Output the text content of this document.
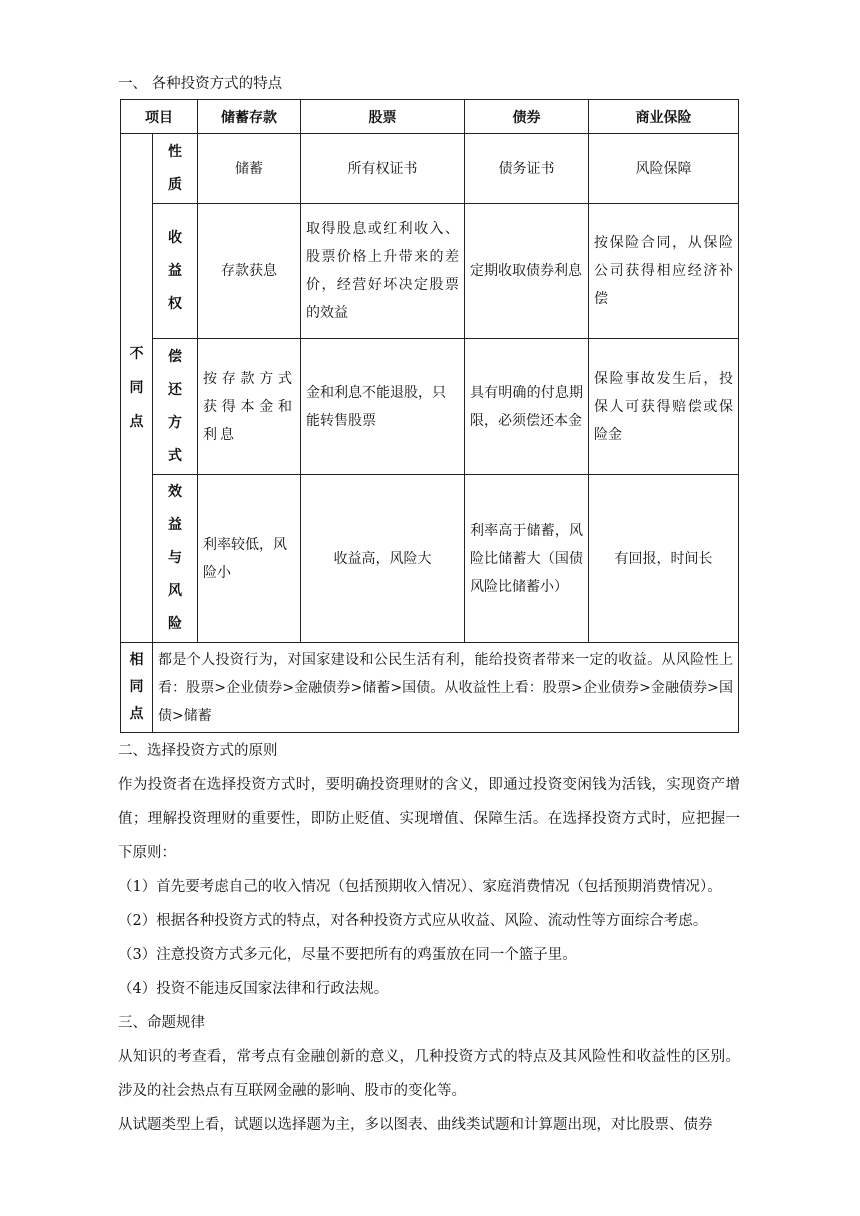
一、 各种投资方式的特点
项目		储蓄存款	股票	债券	商业保险

不
同
点	性
质	储蓄	所有权证书	债务证书	风险保障

	收
益
权	存款获息	取得股息或红利收入、股票价格上升带来的差价，经营好坏决定股票的效益	定期收取债券利息	按保险合同，从保险公司获得相应经济补偿

	偿
还
方
式	按存款方式获得本金和利息	金和利息不能退股，只能转售股票	具有明确的付息期限，必须偿还本金	保险事故发生后，投保人可获得赔偿或保险金

	效
益
与
风
险	利率较低，风险小	收益高，风险大	利率高于储蓄，风险比储蓄大（国债风险比储蓄小）	有回报，时间长

相
同
点	都是个人投资行为，对国家建设和公民生活有利，能给投资者带来一定的收益。从风险性上看：股票>企业债券>金融债券>储蓄>国债。从收益性上看：股票>企业债券>金融债券>国债>储蓄				
二、选择投资方式的原则
作为投资者在选择投资方式时，要明确投资理财的含义，即通过投资变闲钱为活钱，实现资产增值；理解投资理财的重要性，即防止贬值、实现增值、保障生活。在选择投资方式时，应把握一下原则：
（1）首先要考虑自己的收入情况（包括预期收入情况）、家庭消费情况（包括预期消费情况）。
（2）根据各种投资方式的特点，对各种投资方式应从收益、风险、流动性等方面综合考虑。
（3）注意投资方式多元化，尽量不要把所有的鸡蛋放在同一个篮子里。
（4）投资不能违反国家法律和行政法规。
三、命题规律
从知识的考查看，常考点有金融创新的意义，几种投资方式的特点及其风险性和收益性的区别。涉及的社会热点有互联网金融的影响、股市的变化等。
从试题类型上看，试题以选择题为主，多以图表、曲线类试题和计算题出现，对比股票、债券
